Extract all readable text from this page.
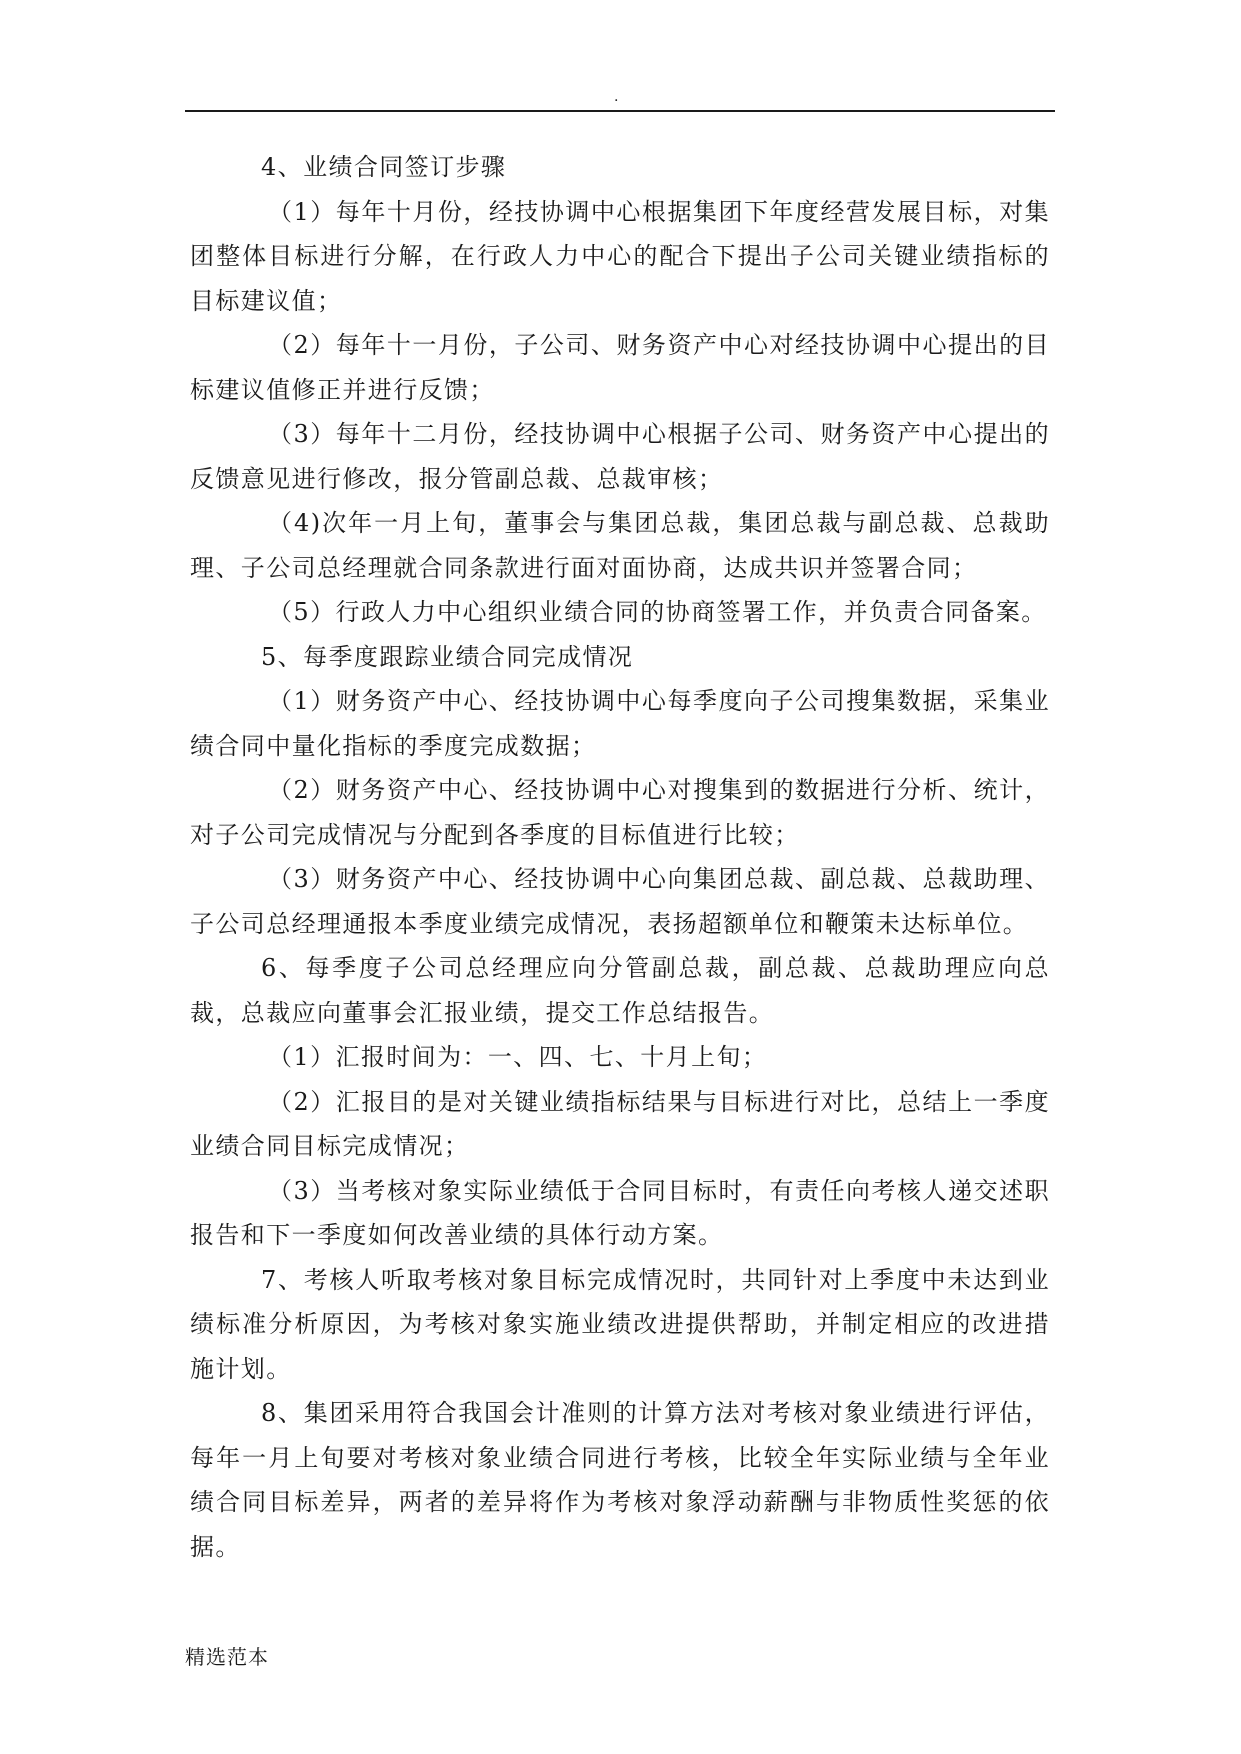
.

4、业绩合同签订步骤

（1）每年十月份，经技协调中心根据集团下年度经营发展目标，对集团整体目标进行分解，在行政人力中心的配合下提出子公司关键业绩指标的目标建议值；

（2）每年十一月份，子公司、财务资产中心对经技协调中心提出的目标建议值修正并进行反馈；

（3）每年十二月份，经技协调中心根据子公司、财务资产中心提出的反馈意见进行修改，报分管副总裁、总裁审核；

（4)次年一月上旬，董事会与集团总裁，集团总裁与副总裁、总裁助理、子公司总经理就合同条款进行面对面协商，达成共识并签署合同；

（5）行政人力中心组织业绩合同的协商签署工作，并负责合同备案。

5、每季度跟踪业绩合同完成情况

（1）财务资产中心、经技协调中心每季度向子公司搜集数据，采集业绩合同中量化指标的季度完成数据；

（2）财务资产中心、经技协调中心对搜集到的数据进行分析、统计，对子公司完成情况与分配到各季度的目标值进行比较；

（3）财务资产中心、经技协调中心向集团总裁、副总裁、总裁助理、子公司总经理通报本季度业绩完成情况，表扬超额单位和鞭策未达标单位。

6、每季度子公司总经理应向分管副总裁，副总裁、总裁助理应向总裁，总裁应向董事会汇报业绩，提交工作总结报告。

（1）汇报时间为：一、四、七、十月上旬；

（2）汇报目的是对关键业绩指标结果与目标进行对比，总结上一季度业绩合同目标完成情况；

（3）当考核对象实际业绩低于合同目标时，有责任向考核人递交述职报告和下一季度如何改善业绩的具体行动方案。

7、考核人听取考核对象目标完成情况时，共同针对上季度中未达到业绩标准分析原因，为考核对象实施业绩改进提供帮助，并制定相应的改进措施计划。

8、集团采用符合我国会计准则的计算方法对考核对象业绩进行评估，每年一月上旬要对考核对象业绩合同进行考核，比较全年实际业绩与全年业绩合同目标差异，两者的差异将作为考核对象浮动薪酬与非物质性奖惩的依据。

精选范本
